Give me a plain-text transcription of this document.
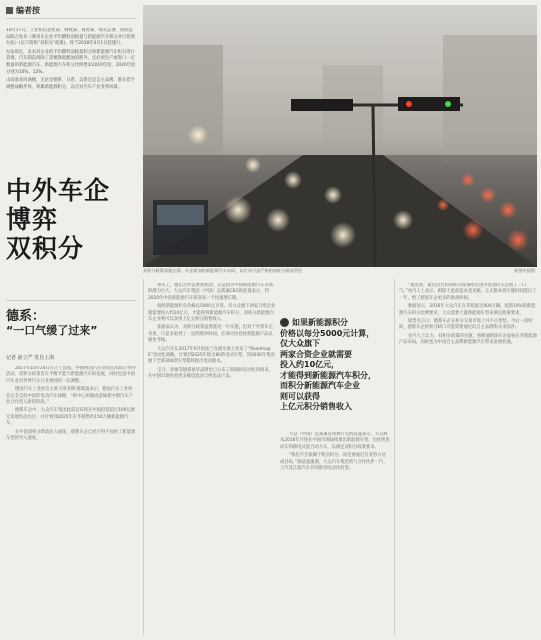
编者按

10月17日，工业和信息化部、财政部、商务部、海关总署、质检总局联合发布《乘用车企业平均燃料消耗量与新能源汽车积分并行管理办法》(以下简称“双积分”政策)，将于2018年4月1日起施行。

办法规定，未来对企业的平均燃料消耗量积分和新能源汽车积分进行管理，汽车制造商除了需要降低燃油消耗外，还必须生产或进口一定数量的新能源汽车，新能源汽车积分比例要求2019年度、2020年度分别为10%、12%。

山雨欲来风满楼，无论是德系、日系、美系还是自主品牌，都在着手调整战略步伐，积累新能源积分，以应对汽车产业变革风暴。

中外车企
博弈
双积分
德系：
“一口气缓了过来”
记者 俞立严 发自上海

2017年10月24日在辽宁沈阳，中德两国汽车业的首次联合举办活动。双积分政策旨在平衡节能与新能源汽车的发展，同时也是中国汽车业对世界汽车行业规则的一次调整。

德国汽车工业协会主席马蒂亚斯·维斯曼表示，德国汽车工业协会完全支持中国的电动汽车战略，“新中心的建成意味着中德汽车产业合作进入新的阶段。”

德系车企中，大众汽车集团此前宣布将在中国投资超过100亿欧元发展电动出行，并计划到2025年在华销售约150万辆新能源汽车。

在中国双积分新政压力面前，德系车企已经不得不加快了新能源车型的导入速度。

双积分政策落地在即，车企需加快新能源汽车布局，以应对日益严格的油耗与排放管控	视觉中国图

事实上，他们之所以要加把劲，正是因为中国新能源汽车市场的潜力巨大。大众汽车集团（中国）总裁兼CEO海兹曼表示，到2020年中国新能源汽车将迎来一个快速增长期。

按照新能源积分价格以5000元计算，仅大众旗下两家合资企业就需要投入约10亿元，才能得到新能源汽车积分，而积分新能源汽车企业则可以获得上亿元积分销售收入。

张裕辰认为，双积分政策虽然延迟一年实施，但对于外资车企来说，只是争取到了一定的缓冲时间，必须尽快投放新能源产品以避免考核。

大众汽车在2017年9月的法兰克福车展上发布了“Roadmap E”电动化战略，计划到2025年推出80款电动车型，到2030年集团旗下全部300款车型都将推出电动版本。

宝马、奔驰等德系豪华品牌也已公布了明确的电动化时间表，在中国市场投放更多插电混动与纯电动产品。

如果新能源积分
价格以每分5000元计算，
仅大众旗下
两家合资企业就需要
投入约10亿元，
才能得到新能源汽车积分，
而积分新能源汽车企业
则可以获得
上亿元积分销售收入

大众（中国）总裁兼首席执行官海兹曼表示，大众将从2018年开始在中国市场陆续推出新能源车型，包括纯电动车和插电式混合动力车，以满足双积分政策要求。

“我们不会依赖于购买积分，而是要通过自身努力达成目标。”海兹曼强调，大众汽车集团将与合作伙伴一汽、上汽及江淮汽车共同推进电动化转型。

“很显然，最后出台的双积分政策给有国外背景的车企缓了一口气。”业内人士表示，相较于此前征求意见稿，正式版本将实施时间延后了一年，给了跨国车企更多的准备时间。

数据显示，2016年大众汽车在华销量近400万辆，按照10%的新能源汽车积分比例要求，大众需要大量新能源车型来满足政策要求。

股票名言曰，德系车企在积分交易市场上并不占优势。今后一段时间，德系车企的积分缺口可能需要通过向自主品牌购买来弥补。

业内人士认为，双积分政策的实施，将倒逼跨国车企加快在华新能源产品布局，同时也为中国自主品牌新能源汽车带来发展机遇。
